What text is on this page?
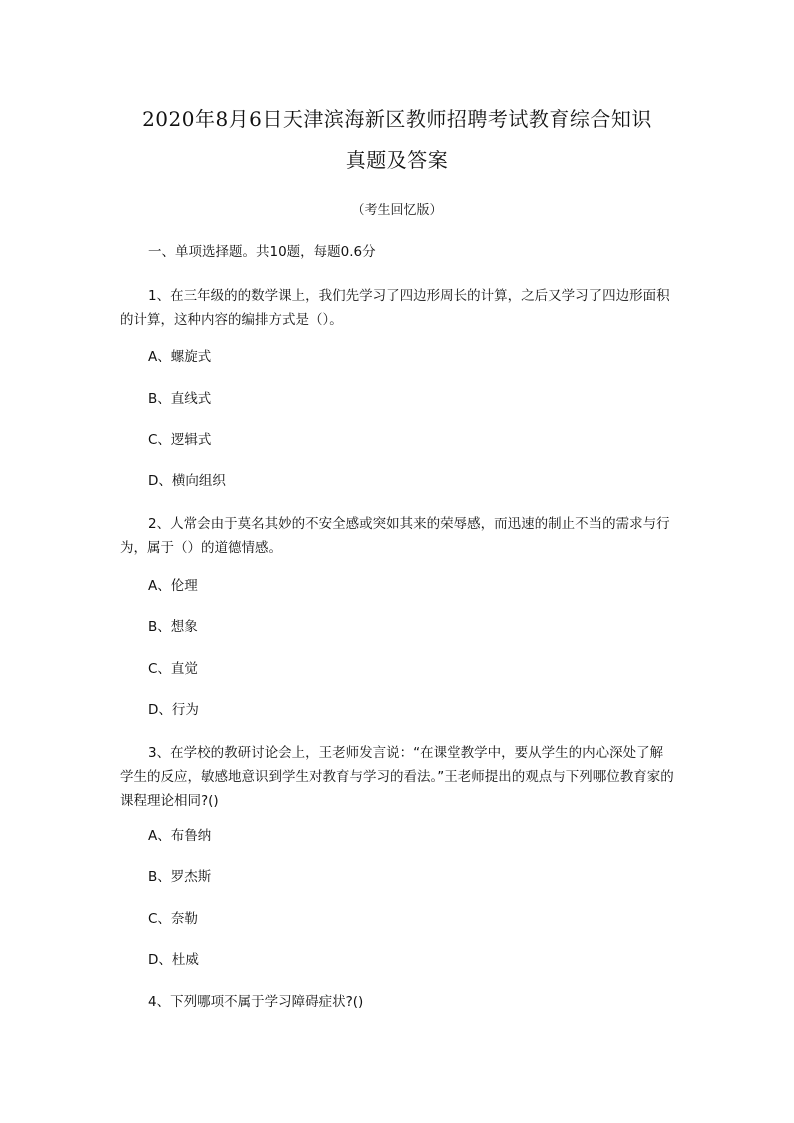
2020年8月6日天津滨海新区教师招聘考试教育综合知识
真题及答案
（考生回忆版）
一、单项选择题。共10题，每题0.6分
1、在三年级的的数学课上，我们先学习了四边形周长的计算，之后又学习了四边形面积的计算，这种内容的编排方式是（）。
A、螺旋式
B、直线式
C、逻辑式
D、横向组织
2、人常会由于莫名其妙的不安全感或突如其来的荣辱感，而迅速的制止不当的需求与行为，属于（）的道德情感。
A、伦理
B、想象
C、直觉
D、行为
3、在学校的教研讨论会上，王老师发言说：“在课堂教学中，要从学生的内心深处了解学生的反应，敏感地意识到学生对教育与学习的看法。”王老师提出的观点与下列哪位教育家的课程理论相同?()
A、布鲁纳
B、罗杰斯
C、奈勒
D、杜威
4、下列哪项不属于学习障碍症状?()
